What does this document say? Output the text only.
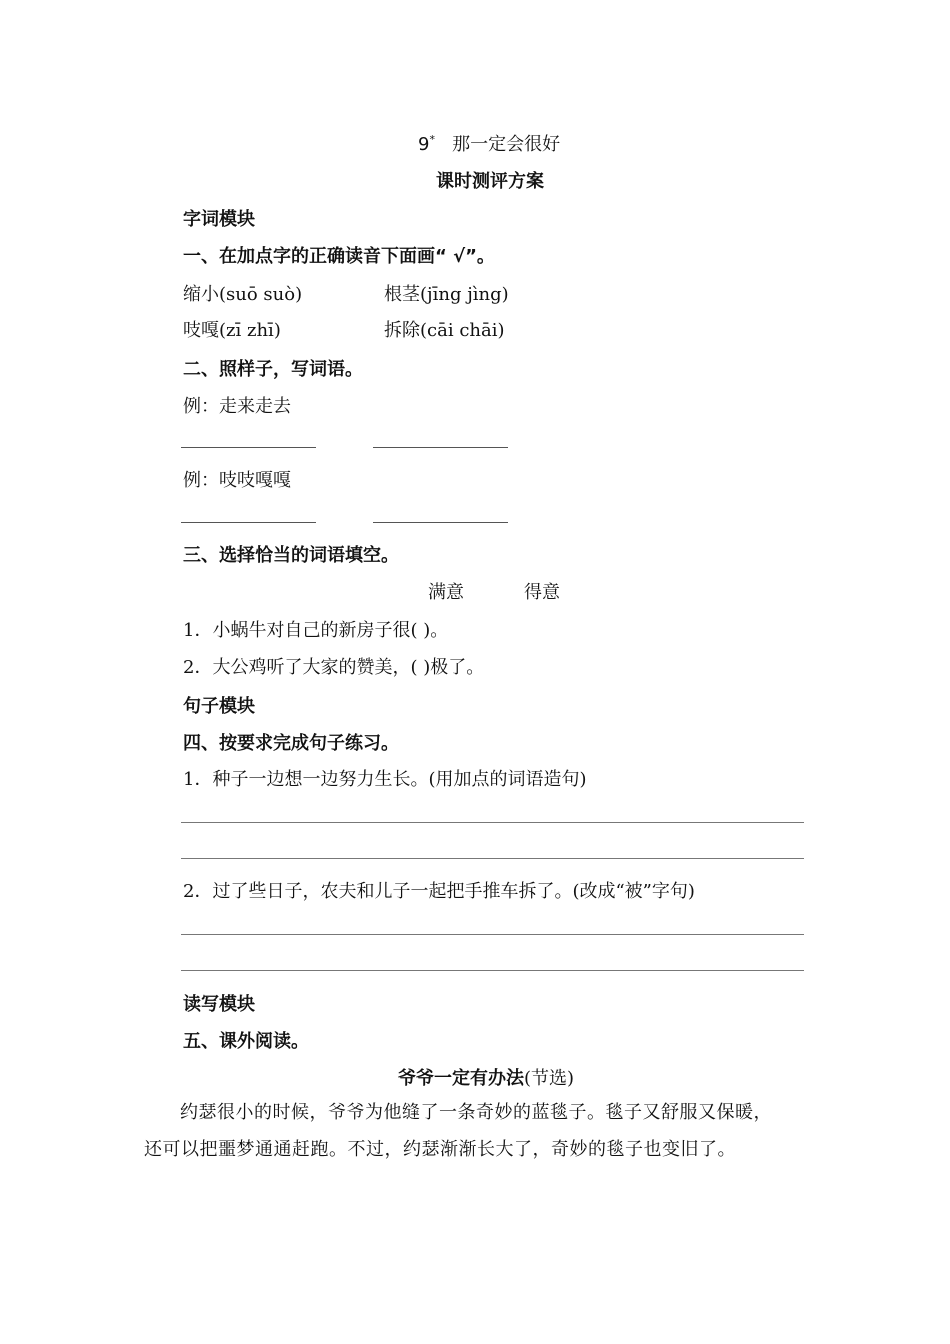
9* 那一定会很好
课时测评方案
字词模块
一、在加点字的正确读音下面画“ √”。
缩小(suō suò)	根茎(jīng jìng)
吱嘎(zī zhī)	拆除(cāi chāi)
二、照样子，写词语。
例：走来走去
例：吱吱嘎嘎
三、选择恰当的词语填空。
满意	得意
1．小蜗牛对自己的新房子很( )。
2．大公鸡听了大家的赞美，( )极了。
句子模块
四、按要求完成句子练习。
1．种子一边想一边努力生长。(用加点的词语造句)
2．过了些日子，农夫和儿子一起把手推车拆了。(改成“被”字句)
读写模块
五、课外阅读。
爷爷一定有办法(节选)
约瑟很小的时候，爷爷为他缝了一条奇妙的蓝毯子。毯子又舒服又保暖，还可以把噩梦通通赶跑。不过，约瑟渐渐长大了，奇妙的毯子也变旧了。
